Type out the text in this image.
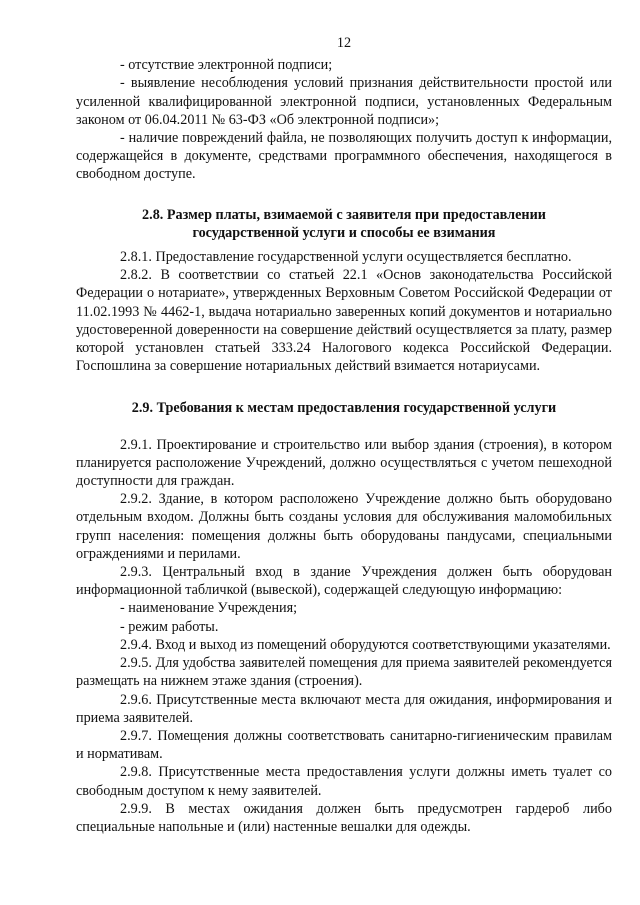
12

- отсутствие электронной подписи;

- выявление несоблюдения условий признания действительности простой или усиленной квалифицированной электронной подписи, установленных Федеральным законом от 06.04.2011 № 63-ФЗ «Об электронной подписи»;

- наличие повреждений файла, не позволяющих получить доступ к информации, содержащейся в документе, средствами программного обеспечения, находящегося в свободном доступе.

2.8. Размер платы, взимаемой с заявителя при предоставлении
государственной услуги и способы ее взимания

2.8.1. Предоставление государственной услуги осуществляется бесплатно.

2.8.2. В соответствии со статьей 22.1 «Основ законодательства Российской Федерации о нотариате», утвержденных Верховным Советом Российской Федерации от 11.02.1993 № 4462-1, выдача нотариально заверенных копий документов и нотариально удостоверенной доверенности на совершение действий осуществляется за плату, размер которой установлен статьей 333.24 Налогового кодекса Российской Федерации. Госпошлина за совершение нотариальных действий взимается нотариусами.

2.9. Требования к местам предоставления государственной услуги

2.9.1. Проектирование и строительство или выбор здания (строения), в котором планируется расположение Учреждений, должно осуществляться с учетом пешеходной доступности для граждан.

2.9.2. Здание, в котором расположено Учреждение должно быть оборудовано отдельным входом. Должны быть созданы условия для обслуживания маломобильных групп населения: помещения должны быть оборудованы пандусами, специальными ограждениями и перилами.

2.9.3. Центральный вход в здание Учреждения должен быть оборудован информационной табличкой (вывеской), содержащей следующую информацию:

- наименование Учреждения;

- режим работы.

2.9.4. Вход и выход из помещений оборудуются соответствующими указателями.

2.9.5. Для удобства заявителей помещения для приема заявителей рекомендуется размещать на нижнем этаже здания (строения).

2.9.6. Присутственные места включают места для ожидания, информирования и приема заявителей.

2.9.7. Помещения должны соответствовать санитарно-гигиеническим правилам и нормативам.

2.9.8. Присутственные места предоставления услуги должны иметь туалет со свободным доступом к нему заявителей.

2.9.9. В местах ожидания должен быть предусмотрен гардероб либо специальные напольные и (или) настенные вешалки для одежды.
